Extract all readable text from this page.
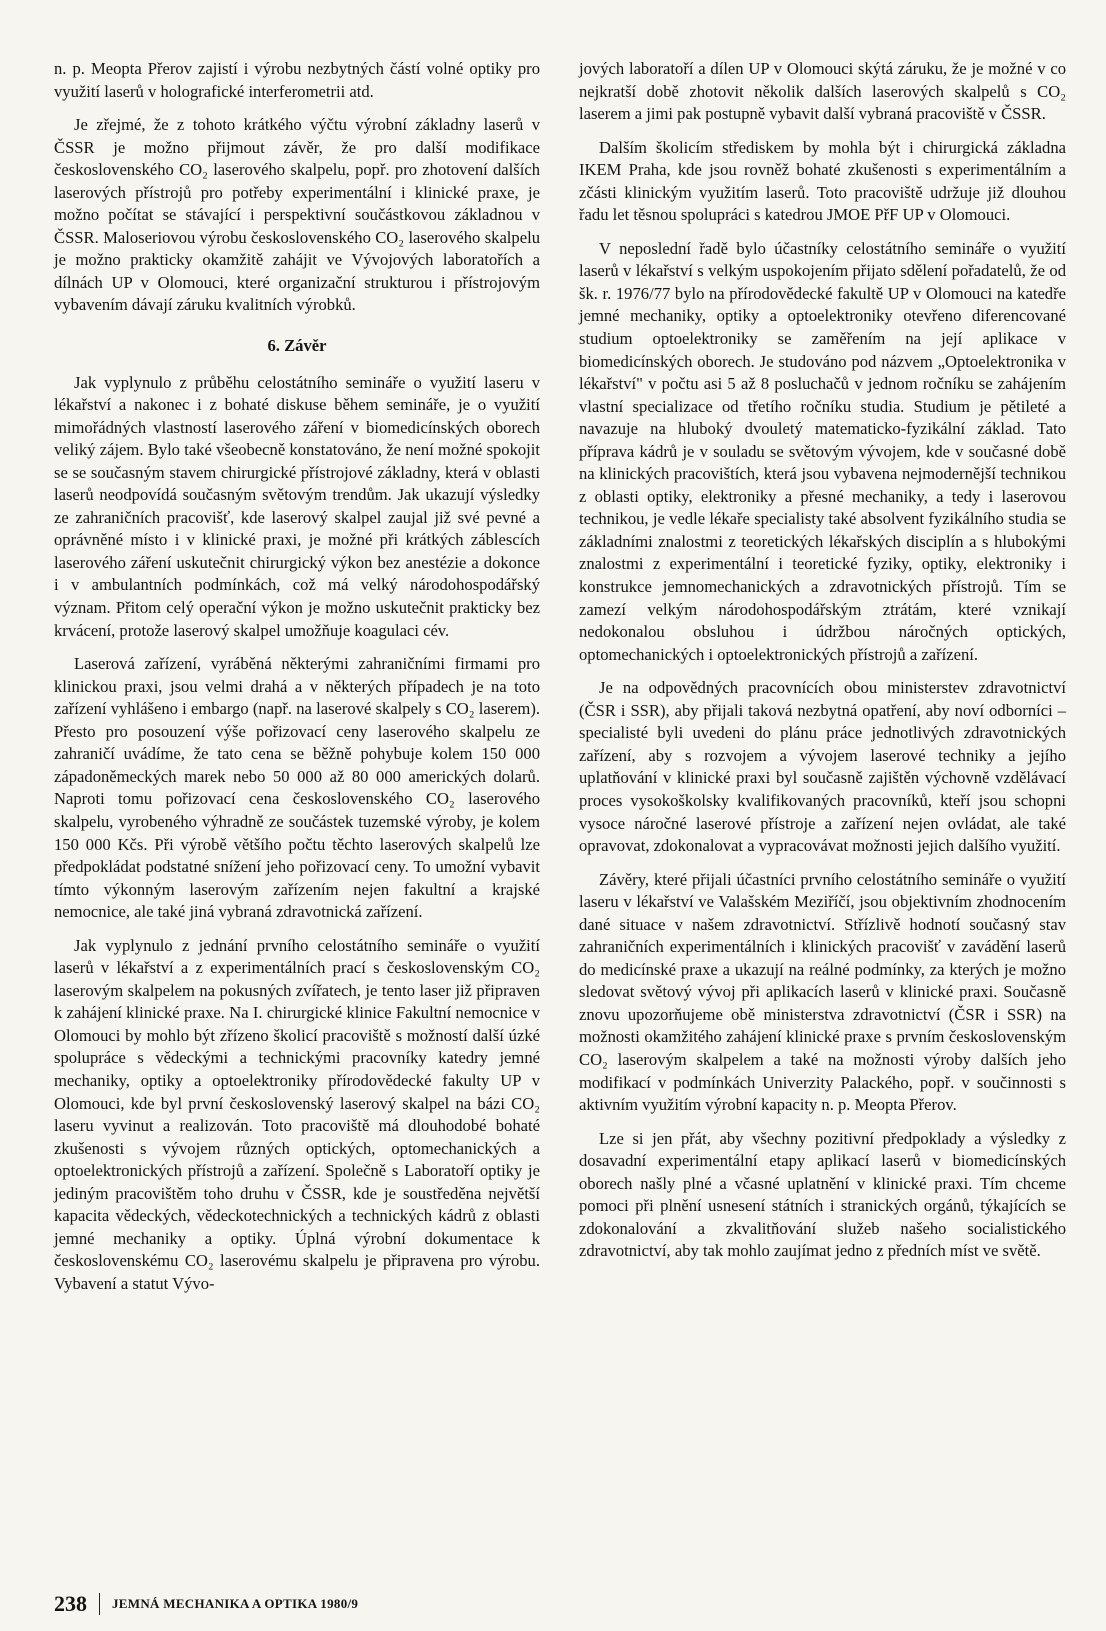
n. p. Meopta Přerov zajistí i výrobu nezbytných částí volné optiky pro využití laserů v holografické interferometrii atd.

Je zřejmé, že z tohoto krátkého výčtu výrobní základny laserů v ČSSR je možno přijmout závěr, že pro další modifikace československého CO₂ laserového skalpelu, popř. pro zhotovení dalších laserových přístrojů pro potřeby experimentální i klinické praxe, je možno počítat se stávající i perspektivní součástkovou základnou v ČSSR. Maloseriovou výrobu československého CO₂ laserového skalpelu je možno prakticky okamžitě zahájit ve Vývojových laboratořích a dílnách UP v Olomouci, které organizační strukturou i přístrojovým vybavením dávají záruku kvalitních výrobků.

6. Závěr

Jak vyplynulo z průběhu celostátního semináře o využití laseru v lékařství a nakonec i z bohaté diskuse během semináře, je o využití mimořádných vlastností laserového záření v biomedicínských oborech veliký zájem. Bylo také všeobecně konstatováno, že není možné spokojit se se současným stavem chirurgické přístrojové základny, která v oblasti laserů neodpovídá současným světovým trendům. Jak ukazují výsledky ze zahraničních pracovišť, kde laserový skalpel zaujal již své pevné a oprávněné místo i v klinické praxi, je možné při krátkých záblescích laserového záření uskutečnit chirurgický výkon bez anestézie a dokonce i v ambulantních podmínkách, což má velký národohospodářský význam. Přitom celý operační výkon je možno uskutečnit prakticky bez krvácení, protože laserový skalpel umožňuje koagulaci cév.

Laserová zařízení, vyráběná některými zahraničními firmami pro klinickou praxi, jsou velmi drahá a v některých případech je na toto zařízení vyhlášeno i embargo (např. na laserové skalpely s CO₂ laserem). Přesto pro posouzení výše pořizovací ceny laserového skalpelu ze zahraničí uvádíme, že tato cena se běžně pohybuje kolem 150 000 západoněmeckých marek nebo 50 000 až 80 000 amerických dolarů. Naproti tomu pořizovací cena československého CO₂ laserového skalpelu, vyrobeného výhradně ze součástek tuzemské výroby, je kolem 150 000 Kčs. Při výrobě většího počtu těchto laserových skalpelů lze předpokládat podstatné snížení jeho pořizovací ceny. To umožní vybavit tímto výkonným laserovým zařízením nejen fakultní a krajské nemocnice, ale také jiná vybraná zdravotnická zařízení.

Jak vyplynulo z jednání prvního celostátního semináře o využití laserů v lékařství a z experimentálních prací s československým CO₂ laserovým skalpelem na pokusných zvířatech, je tento laser již připraven k zahájení klinické praxe. Na I. chirurgické klinice Fakultní nemocnice v Olomouci by mohlo být zřízeno školicí pracoviště s možností další úzké spolupráce s vědeckými a technickými pracovníky katedry jemné mechaniky, optiky a optoelektroniky přírodovědecké fakulty UP v Olomouci, kde byl první československý laserový skalpel na bázi CO₂ laseru vyvinut a realizován. Toto pracoviště má dlouhodobé bohaté zkušenosti s vývojem různých optických, optomechanických a optoelektronických přístrojů a zařízení. Společně s Laboratoří optiky je jediným pracovištěm toho druhu v ČSSR, kde je soustředěna největší kapacita vědeckých, vědeckotechnických a technických kádrů z oblasti jemné mechaniky a optiky. Úplná výrobní dokumentace k československému CO₂ laserovému skalpelu je připravena pro výrobu. Vybavení a statut Vývo-

jových laboratoří a dílen UP v Olomouci skýtá záruku, že je možné v co nejkratší době zhotovit několik dalších laserových skalpelů s CO₂ laserem a jimi pak postupně vybavit další vybraná pracoviště v ČSSR.

Dalším školicím střediskem by mohla být i chirurgická základna IKEM Praha, kde jsou rovněž bohaté zkušenosti s experimentálním a zčásti klinickým využitím laserů. Toto pracoviště udržuje již dlouhou řadu let těsnou spolupráci s katedrou JMOE PřF UP v Olomouci.

V neposlední řadě bylo účastníky celostátního semináře o využití laserů v lékařství s velkým uspokojením přijato sdělení pořadatelů, že od šk. r. 1976/77 bylo na přírodovědecké fakultě UP v Olomouci na katedře jemné mechaniky, optiky a optoelektroniky otevřeno diferencované studium optoelektroniky se zaměřením na její aplikace v biomedicínských oborech. Je studováno pod názvem „Optoelektronika v lékařství" v počtu asi 5 až 8 posluchačů v jednom ročníku se zahájením vlastní specializace od třetího ročníku studia. Studium je pětileté a navazuje na hluboký dvouletý matematicko-fyzikální základ. Tato příprava kádrů je v souladu se světovým vývojem, kde v současné době na klinických pracovištích, která jsou vybavena nejmodernější technikou z oblasti optiky, elektroniky a přesné mechaniky, a tedy i laserovou technikou, je vedle lékaře specialisty také absolvent fyzikálního studia se základními znalostmi z teoretických lékařských disciplín a s hlubokými znalostmi z experimentální i teoretické fyziky, optiky, elektroniky i konstrukce jemnomechanických a zdravotnických přístrojů. Tím se zamezí velkým národohospodářským ztrátám, které vznikají nedokonalou obsluhou i údržbou náročných optických, optomechanických i optoelektronických přístrojů a zařízení.

Je na odpovědných pracovnících obou ministerstev zdravotnictví (ČSR i SSR), aby přijali taková nezbytná opatření, aby noví odborníci – specialisté byli uvedeni do plánu práce jednotlivých zdravotnických zařízení, aby s rozvojem a vývojem laserové techniky a jejího uplatňování v klinické praxi byl současně zajištěn výchovně vzdělávací proces vysokoškolsky kvalifikovaných pracovníků, kteří jsou schopni vysoce náročné laserové přístroje a zařízení nejen ovládat, ale také opravovat, zdokonalovat a vypracovávat možnosti jejich dalšího využití.

Závěry, které přijali účastníci prvního celostátního semináře o využití laseru v lékařství ve Valašském Meziříčí, jsou objektivním zhodnocením dané situace v našem zdravotnictví. Střízlivě hodnotí současný stav zahraničních experimentálních i klinických pracovišť v zavádění laserů do medicínské praxe a ukazují na reálné podmínky, za kterých je možno sledovat světový vývoj při aplikacích laserů v klinické praxi. Současně znovu upozorňujeme obě ministerstva zdravotnictví (ČSR i SSR) na možnosti okamžitého zahájení klinické praxe s prvním československým CO₂ laserovým skalpelem a také na možnosti výroby dalších jeho modifikací v podmínkách Univerzity Palackého, popř. v součinnosti s aktivním využitím výrobní kapacity n. p. Meopta Přerov.

Lze si jen přát, aby všechny pozitivní předpoklady a výsledky z dosavadní experimentální etapy aplikací laserů v biomedicínských oborech našly plné a včasné uplatnění v klinické praxi. Tím chceme pomoci při plnění usnesení státních i stranických orgánů, týkajících se zdokonalování a zkvalitňování služeb našeho socialistického zdravotnictví, aby tak mohlo zaujímat jedno z předních míst ve světě.

238 JEMNÁ MECHANIKA A OPTIKA 1980/9
